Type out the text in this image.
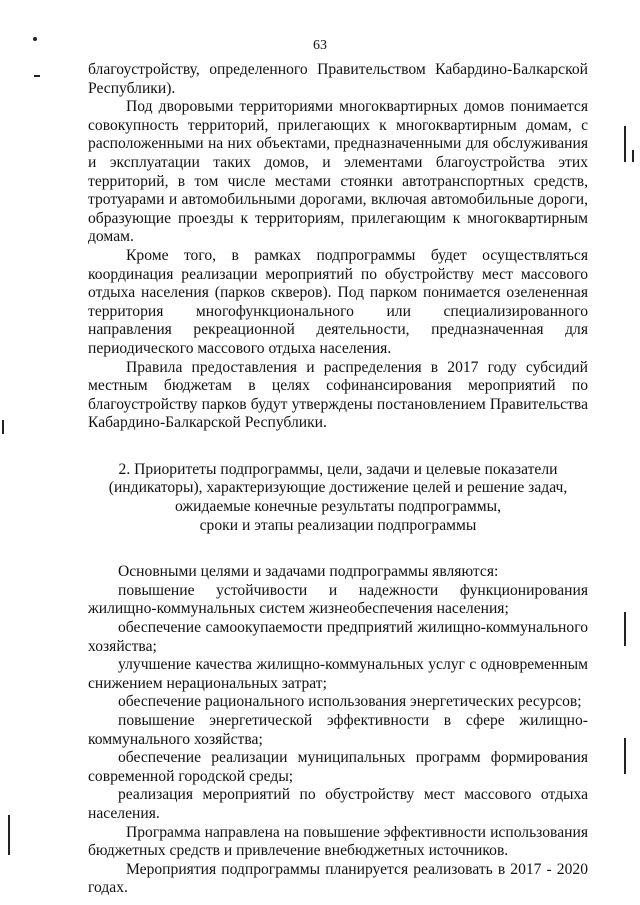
63

благоустройству, определенного Правительством Кабардино-Балкарской Республики).

Под дворовыми территориями многоквартирных домов понимается совокупность территорий, прилегающих к многоквартирным домам, с расположенными на них объектами, предназначенными для обслуживания и эксплуатации таких домов, и элементами благоустройства этих территорий, в том числе местами стоянки автотранспортных средств, тротуарами и автомобильными дорогами, включая автомобильные дороги, образующие проезды к территориям, прилегающим к многоквартирным домам.

Кроме того, в рамках подпрограммы будет осуществляться координация реализации мероприятий по обустройству мест массового отдыха населения (парков скверов). Под парком понимается озелененная территория многофункционального или специализированного направления рекреационной деятельности, предназначенная для периодического массового отдыха населения.

Правила предоставления и распределения в 2017 году субсидий местным бюджетам в целях софинансирования мероприятий по благоустройству парков будут утверждены постановлением Правительства Кабардино-Балкарской Республики.

2. Приоритеты подпрограммы, цели, задачи и целевые показатели
(индикаторы), характеризующие достижение целей и решение задач,
ожидаемые конечные результаты подпрограммы,
сроки и этапы реализации подпрограммы

Основными целями и задачами подпрограммы являются:

повышение устойчивости и надежности функционирования жилищно-коммунальных систем жизнеобеспечения населения;

обеспечение самоокупаемости предприятий жилищно-коммунального хозяйства;

улучшение качества жилищно-коммунальных услуг с одновременным снижением нерациональных затрат;

обеспечение рационального использования энергетических ресурсов;

повышение энергетической эффективности в сфере жилищно-коммунального хозяйства;

обеспечение реализации муниципальных программ формирования современной городской среды;

реализация мероприятий по обустройству мест массового отдыха населения.

Программа направлена на повышение эффективности использования бюджетных средств и привлечение внебюджетных источников.

Мероприятия подпрограммы планируется реализовать в 2017 - 2020 годах.
